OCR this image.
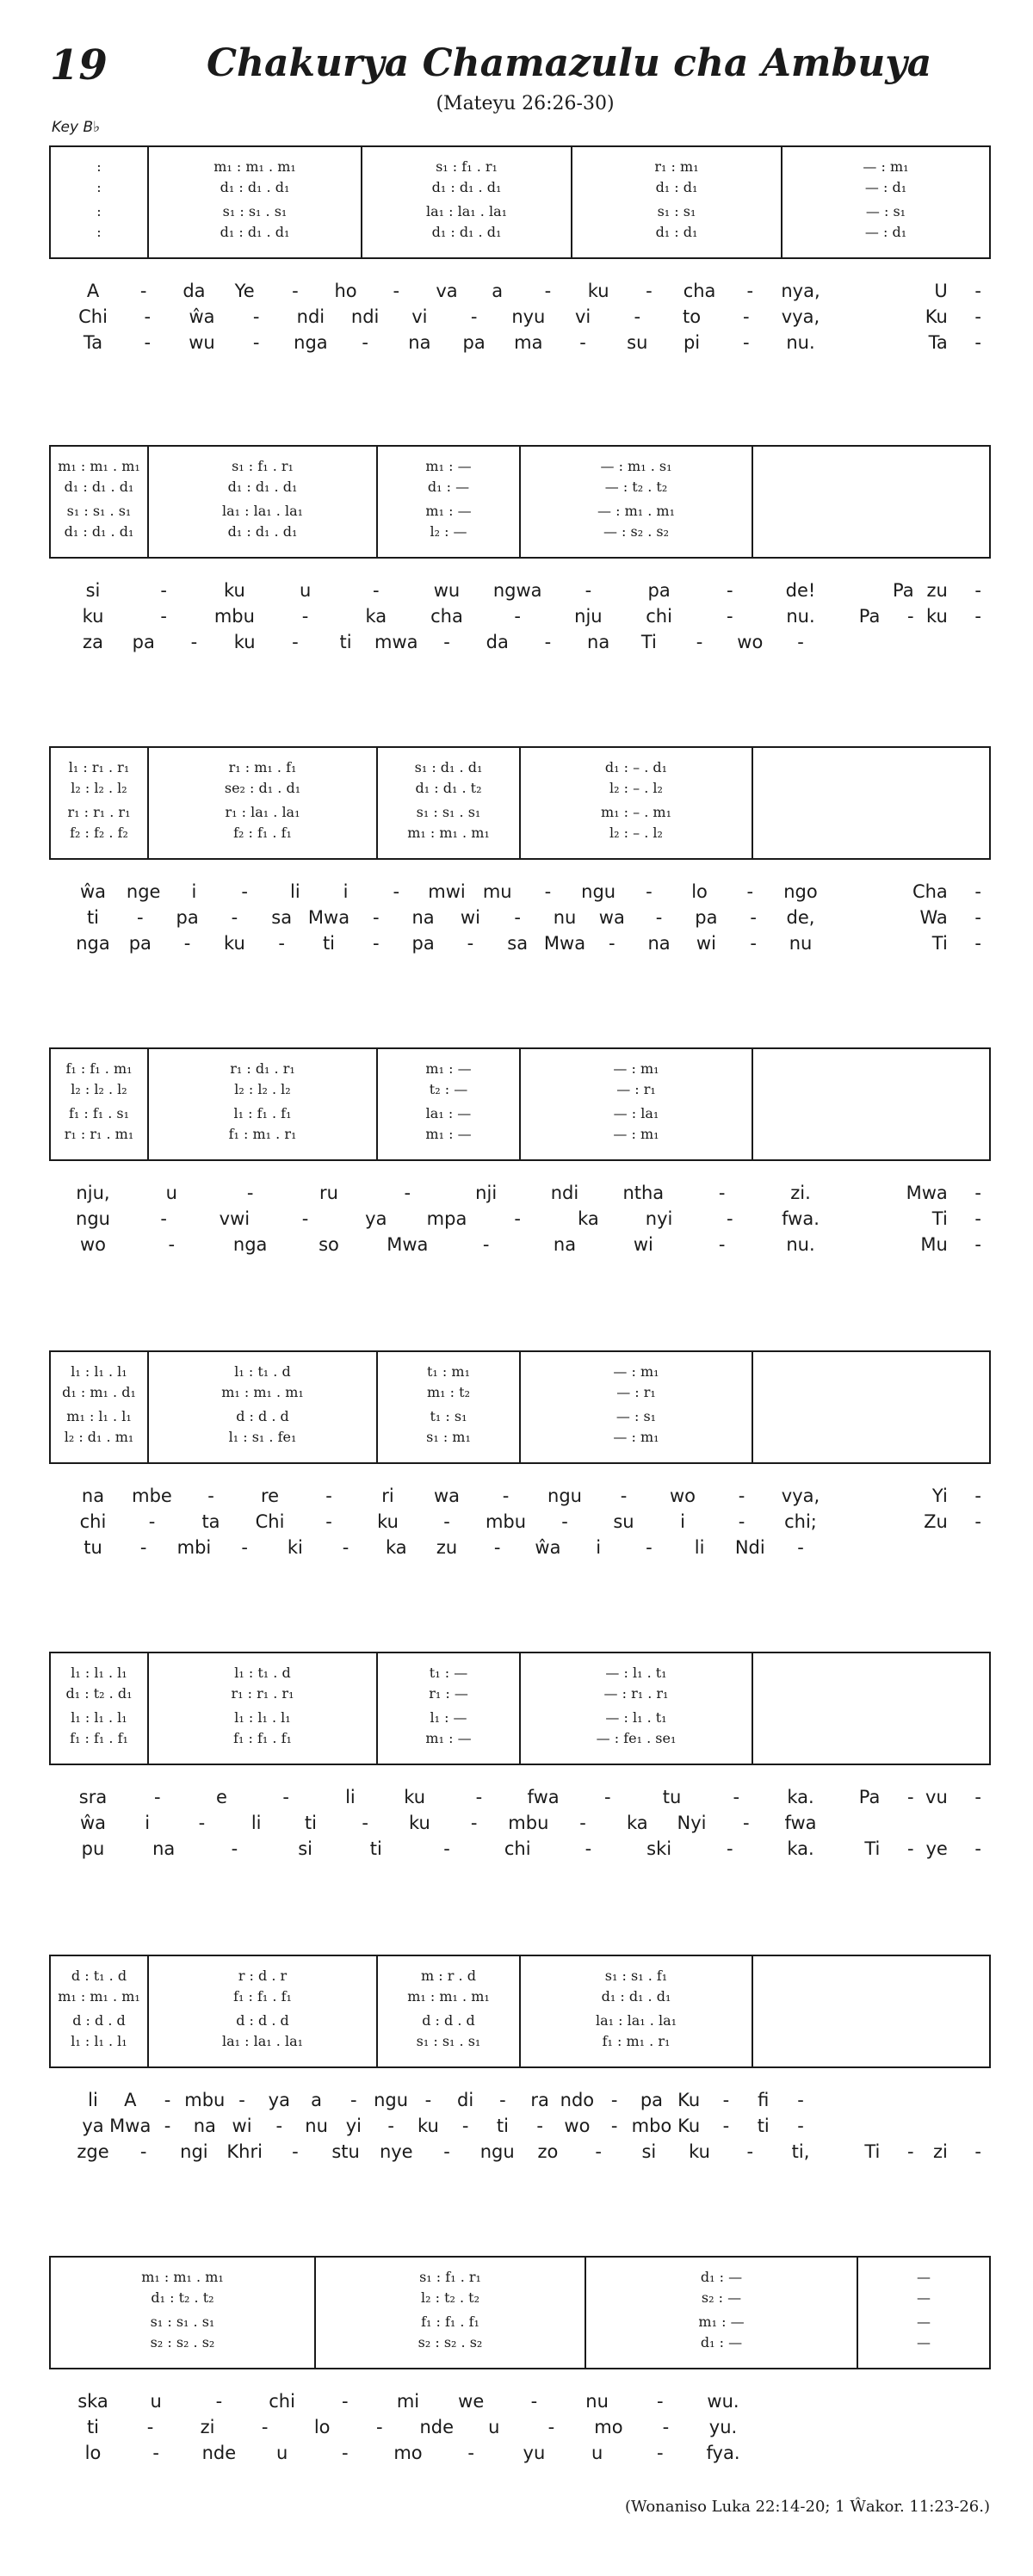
19	Chakurya Chamazulu cha Ambuya
(Mateyu 26:26-30)
Key B♭
:	m₁ : m₁ . m₁	s₁ : f₁ . r₁	r₁ : m₁	— : m₁
:	d₁ : d₁ . d₁	d₁ : d₁ . d₁	d₁ : d₁	— : d₁
:	s₁ : s₁ . s₁	la₁ : la₁ . la₁	s₁ : s₁	— : s₁
:	d₁ : d₁ . d₁	d₁ : d₁ . d₁	d₁ : d₁	— : d₁
A - da Ye - ho - va a - ku - cha - nya,	U -
Chi - ŵa - ndi ndi vi - nyu vi - to - vya,	Ku -
Ta - wu - nga - na pa ma - su pi - nu.	Ta -
m₁ : m₁ . m₁	s₁ : f₁ . r₁	m₁ : —	— : m₁ . s₁
d₁ : d₁ . d₁	d₁ : d₁ . d₁	d₁ : —	— : t₂ . t₂
s₁ : s₁ . s₁	la₁ : la₁ . la₁	m₁ : —	— : m₁ . m₁
d₁ : d₁ . d₁	d₁ : d₁ . d₁	l₂ : —	— : s₂ . s₂
si	-	ku	u	-	wu ngwa -	pa	-	de!	Pa zu -
ku	-	mbu	-	ka cha	-	nju chi	-	nu. Pa - ku -
za pa - ku - ti mwa - da - na Ti - wo -
l₁ : r₁ . r₁	r₁ : m₁ . f₁	s₁ : d₁ . d₁	d₁ : – . d₁
l₂ : l₂ . l₂	se₂ : d₁ . d₁	d₁ : d₁ . t₂	l₂ : – . l₂
r₁ : r₁ . r₁	r₁ : la₁ . la₁	s₁ : s₁ . s₁	m₁ : – . m₁
f₂ : f₂ . f₂	f₂ : f₁ . f₁	m₁ : m₁ . m₁	l₂ : – . l₂
ŵa nge i - li i - mwi mu - ngu - lo - ngo	Cha -
ti - pa - sa Mwa - na wi - nu wa - pa - de,	Wa -
nga pa - ku - ti - pa - sa Mwa - na wi - nu	Ti -
f₁ : f₁ . m₁	r₁ : d₁ . r₁	m₁ : —	— : m₁
l₂ : l₂ . l₂	l₂ : l₂ . l₂	t₂ : —	— : r₁
f₁ : f₁ . s₁	l₁ : f₁ . f₁	la₁ : —	— : la₁
r₁ : r₁ . m₁	f₁ : m₁ . r₁	m₁ : —	— : m₁
nju,	u	-	ru	-	nji	ndi ntha	-	zi.	Mwa -
ngu	-	vwi	-	ya mpa	-	ka	nyi	-	fwa.	Ti -
wo	-	nga	so	Mwa	-	na	wi	-	nu.	Mu -
l₁ : l₁ . l₁	l₁ : t₁ . d	t₁ : m₁	— : m₁
d₁ : m₁ . d₁	m₁ : m₁ . m₁	m₁ : t₂	— : r₁
m₁ : l₁ . l₁	d : d . d	t₁ : s₁	— : s₁
l₂ : d₁ . m₁	l₁ : s₁ . fe₁	s₁ : m₁	— : m₁
na mbe -	re	-	ri wa - ngu - wo - vya,	Yi -
chi -	ta Chi - ku - mbu -	su	i	- chi;	Zu -
tu - mbi - ki - ka zu - ŵa i - li Ndi -
l₁ : l₁ . l₁	l₁ : t₁ . d	t₁ : —	— : l₁ . t₁
d₁ : t₂ . d₁	r₁ : r₁ . r₁	r₁ : —	— : r₁ . r₁
l₁ : l₁ . l₁	l₁ : l₁ . l₁	l₁ : —	— : l₁ . t₁
f₁ : f₁ . f₁	f₁ : f₁ . f₁	m₁ : —	— : fe₁ . se₁
sra	-	e	-	li	ku	- fwa -	tu	-	ka. Pa - vu -
ŵa i	-	li ti - ku - mbu - ka Nyi - fwa
pu	na	-	si	ti	-	chi	-	ski	-	ka.	Ti - ye -
d : t₁ . d	r : d . r	m : r . d	s₁ : s₁ . f₁
m₁ : m₁ . m₁	f₁ : f₁ . f₁	m₁ : m₁ . m₁	d₁ : d₁ . d₁
d : d . d	d : d . d	d : d . d	la₁ : la₁ . la₁
l₁ : l₁ . l₁	la₁ : la₁ . la₁	s₁ : s₁ . s₁	f₁ : m₁ . r₁
li A - mbu - ya a - ngu - di - ra ndo - pa Ku - fi -
ya Mwa - na wi - nu yi - ku - ti - wo - mbo Ku - ti -
zge - ngi Khri - stu nye - ngu zo - si ku - ti,	Ti - zi -
m₁ : m₁ . m₁	s₁ : f₁ . r₁	d₁ : —	—
d₁ : t₂ . t₂	l₂ : t₂ . t₂	s₂ : —	—
s₁ : s₁ . s₁	f₁ : f₁ . f₁	m₁ : —	—
s₂ : s₂ . s₂	s₂ : s₂ . s₂	d₁ : —	—
ska u	-	chi	-	mi we	-	nu	- wu.
ti	-	zi	-	lo	- nde u	- mo - yu.
lo	- nde u	-	mo	-	yu	u	- fya.
(Wonaniso Luka 22:14-20; 1 Ŵakor. 11:23-26.)
